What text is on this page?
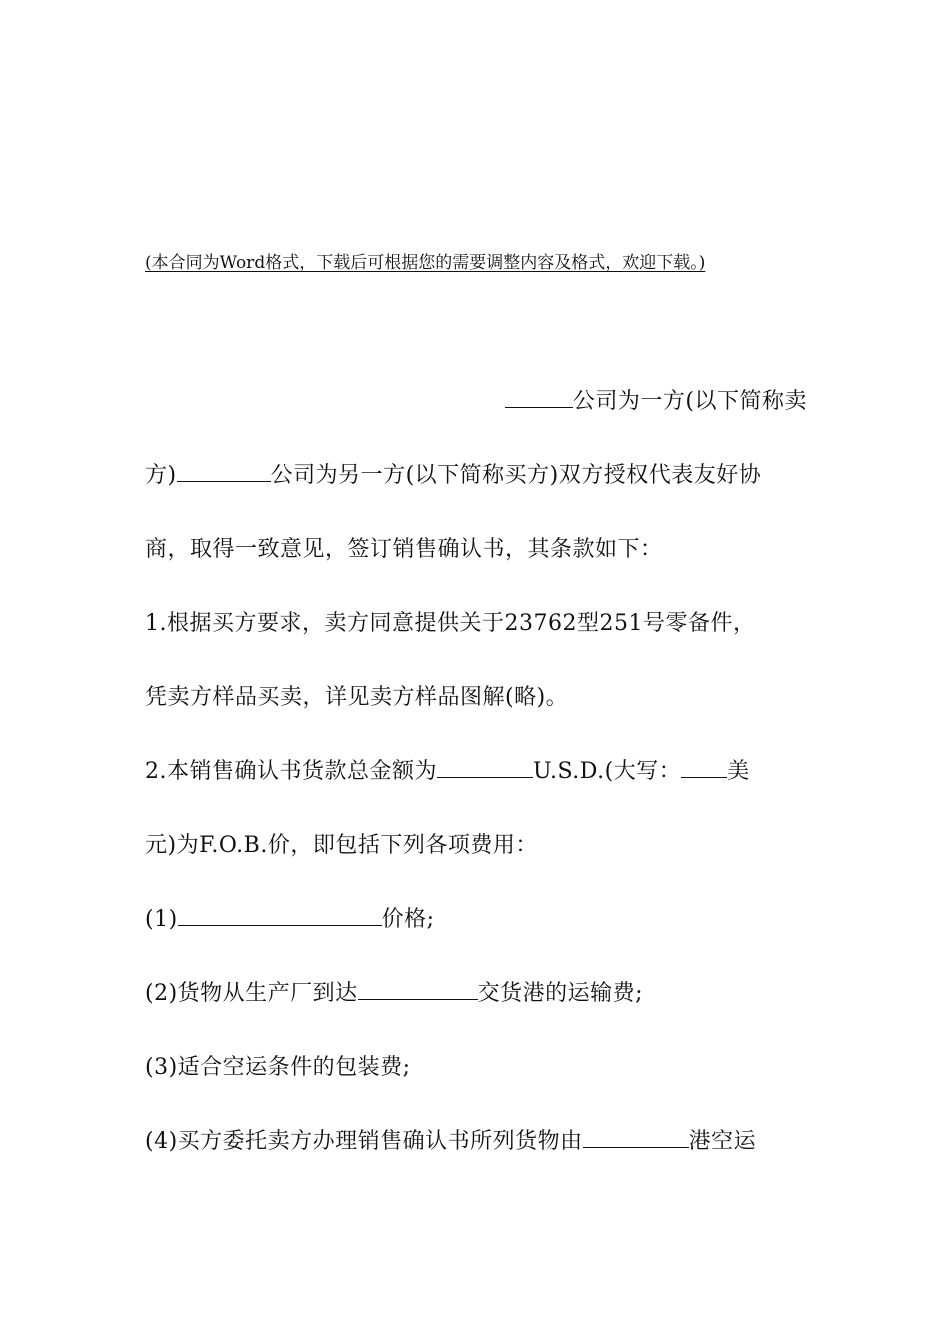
(本合同为Word格式，下载后可根据您的需要调整内容及格式，欢迎下载。)
公司为一方(以下简称卖
方)	公司为另一方(以下简称买方)双方授权代表友好协
商，取得一致意见，签订销售确认书，其条款如下：
1.根据买方要求，卖方同意提供关于23762型251号零备件，
凭卖方样品买卖，详见卖方样品图解(略)。
2.本销售确认书货款总金额为	U.S.D.(大写： 美
元)为F.O.B.价，即包括下列各项费用：
(1)	价格;
(2)货物从生产厂到达	交货港的运输费;
(3)适合空运条件的包装费;
(4)买方委托卖方办理销售确认书所列货物由	港空运
